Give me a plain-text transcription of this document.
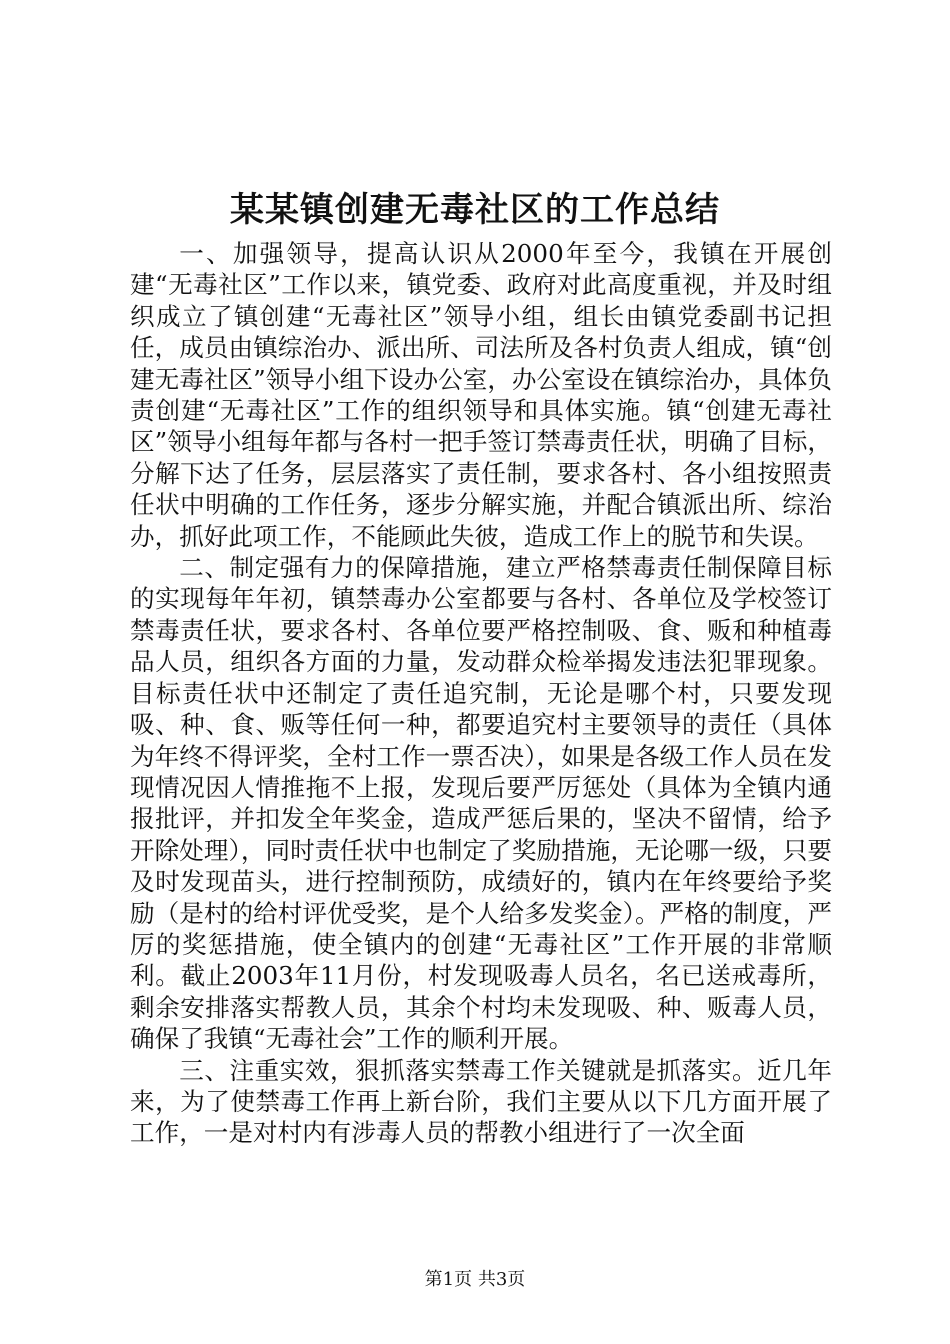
某某镇创建无毒社区的工作总结

一、加强领导，提高认识从2000年至今，我镇在开展创建“无毒社区”工作以来，镇党委、政府对此高度重视，并及时组织成立了镇创建“无毒社区”领导小组，组长由镇党委副书记担任，成员由镇综治办、派出所、司法所及各村负责人组成，镇“创建无毒社区”领导小组下设办公室，办公室设在镇综治办，具体负责创建“无毒社区”工作的组织领导和具体实施。镇“创建无毒社区”领导小组每年都与各村一把手签订禁毒责任状，明确了目标，分解下达了任务，层层落实了责任制，要求各村、各小组按照责任状中明确的工作任务，逐步分解实施，并配合镇派出所、综治办，抓好此项工作，不能顾此失彼，造成工作上的脱节和失误。

二、制定强有力的保障措施，建立严格禁毒责任制保障目标的实现每年年初，镇禁毒办公室都要与各村、各单位及学校签订禁毒责任状，要求各村、各单位要严格控制吸、食、贩和种植毒品人员，组织各方面的力量，发动群众检举揭发违法犯罪现象。目标责任状中还制定了责任追究制，无论是哪个村，只要发现吸、种、食、贩等任何一种，都要追究村主要领导的责任（具体为年终不得评奖，全村工作一票否决），如果是各级工作人员在发现情况因人情推拖不上报，发现后要严厉惩处（具体为全镇内通报批评，并扣发全年奖金，造成严惩后果的，坚决不留情，给予开除处理），同时责任状中也制定了奖励措施，无论哪一级，只要及时发现苗头，进行控制预防，成绩好的，镇内在年终要给予奖励（是村的给村评优受奖，是个人给多发奖金）。严格的制度，严厉的奖惩措施，使全镇内的创建“无毒社区”工作开展的非常顺利。截止2003年11月份，村发现吸毒人员名，名已送戒毒所，剩余安排落实帮教人员，其余个村均未发现吸、种、贩毒人员，确保了我镇“无毒社会”工作的顺利开展。

三、注重实效，狠抓落实禁毒工作关键就是抓落实。近几年来，为了使禁毒工作再上新台阶，我们主要从以下几方面开展了工作，一是对村内有涉毒人员的帮教小组进行了一次全面

第1页 共3页
